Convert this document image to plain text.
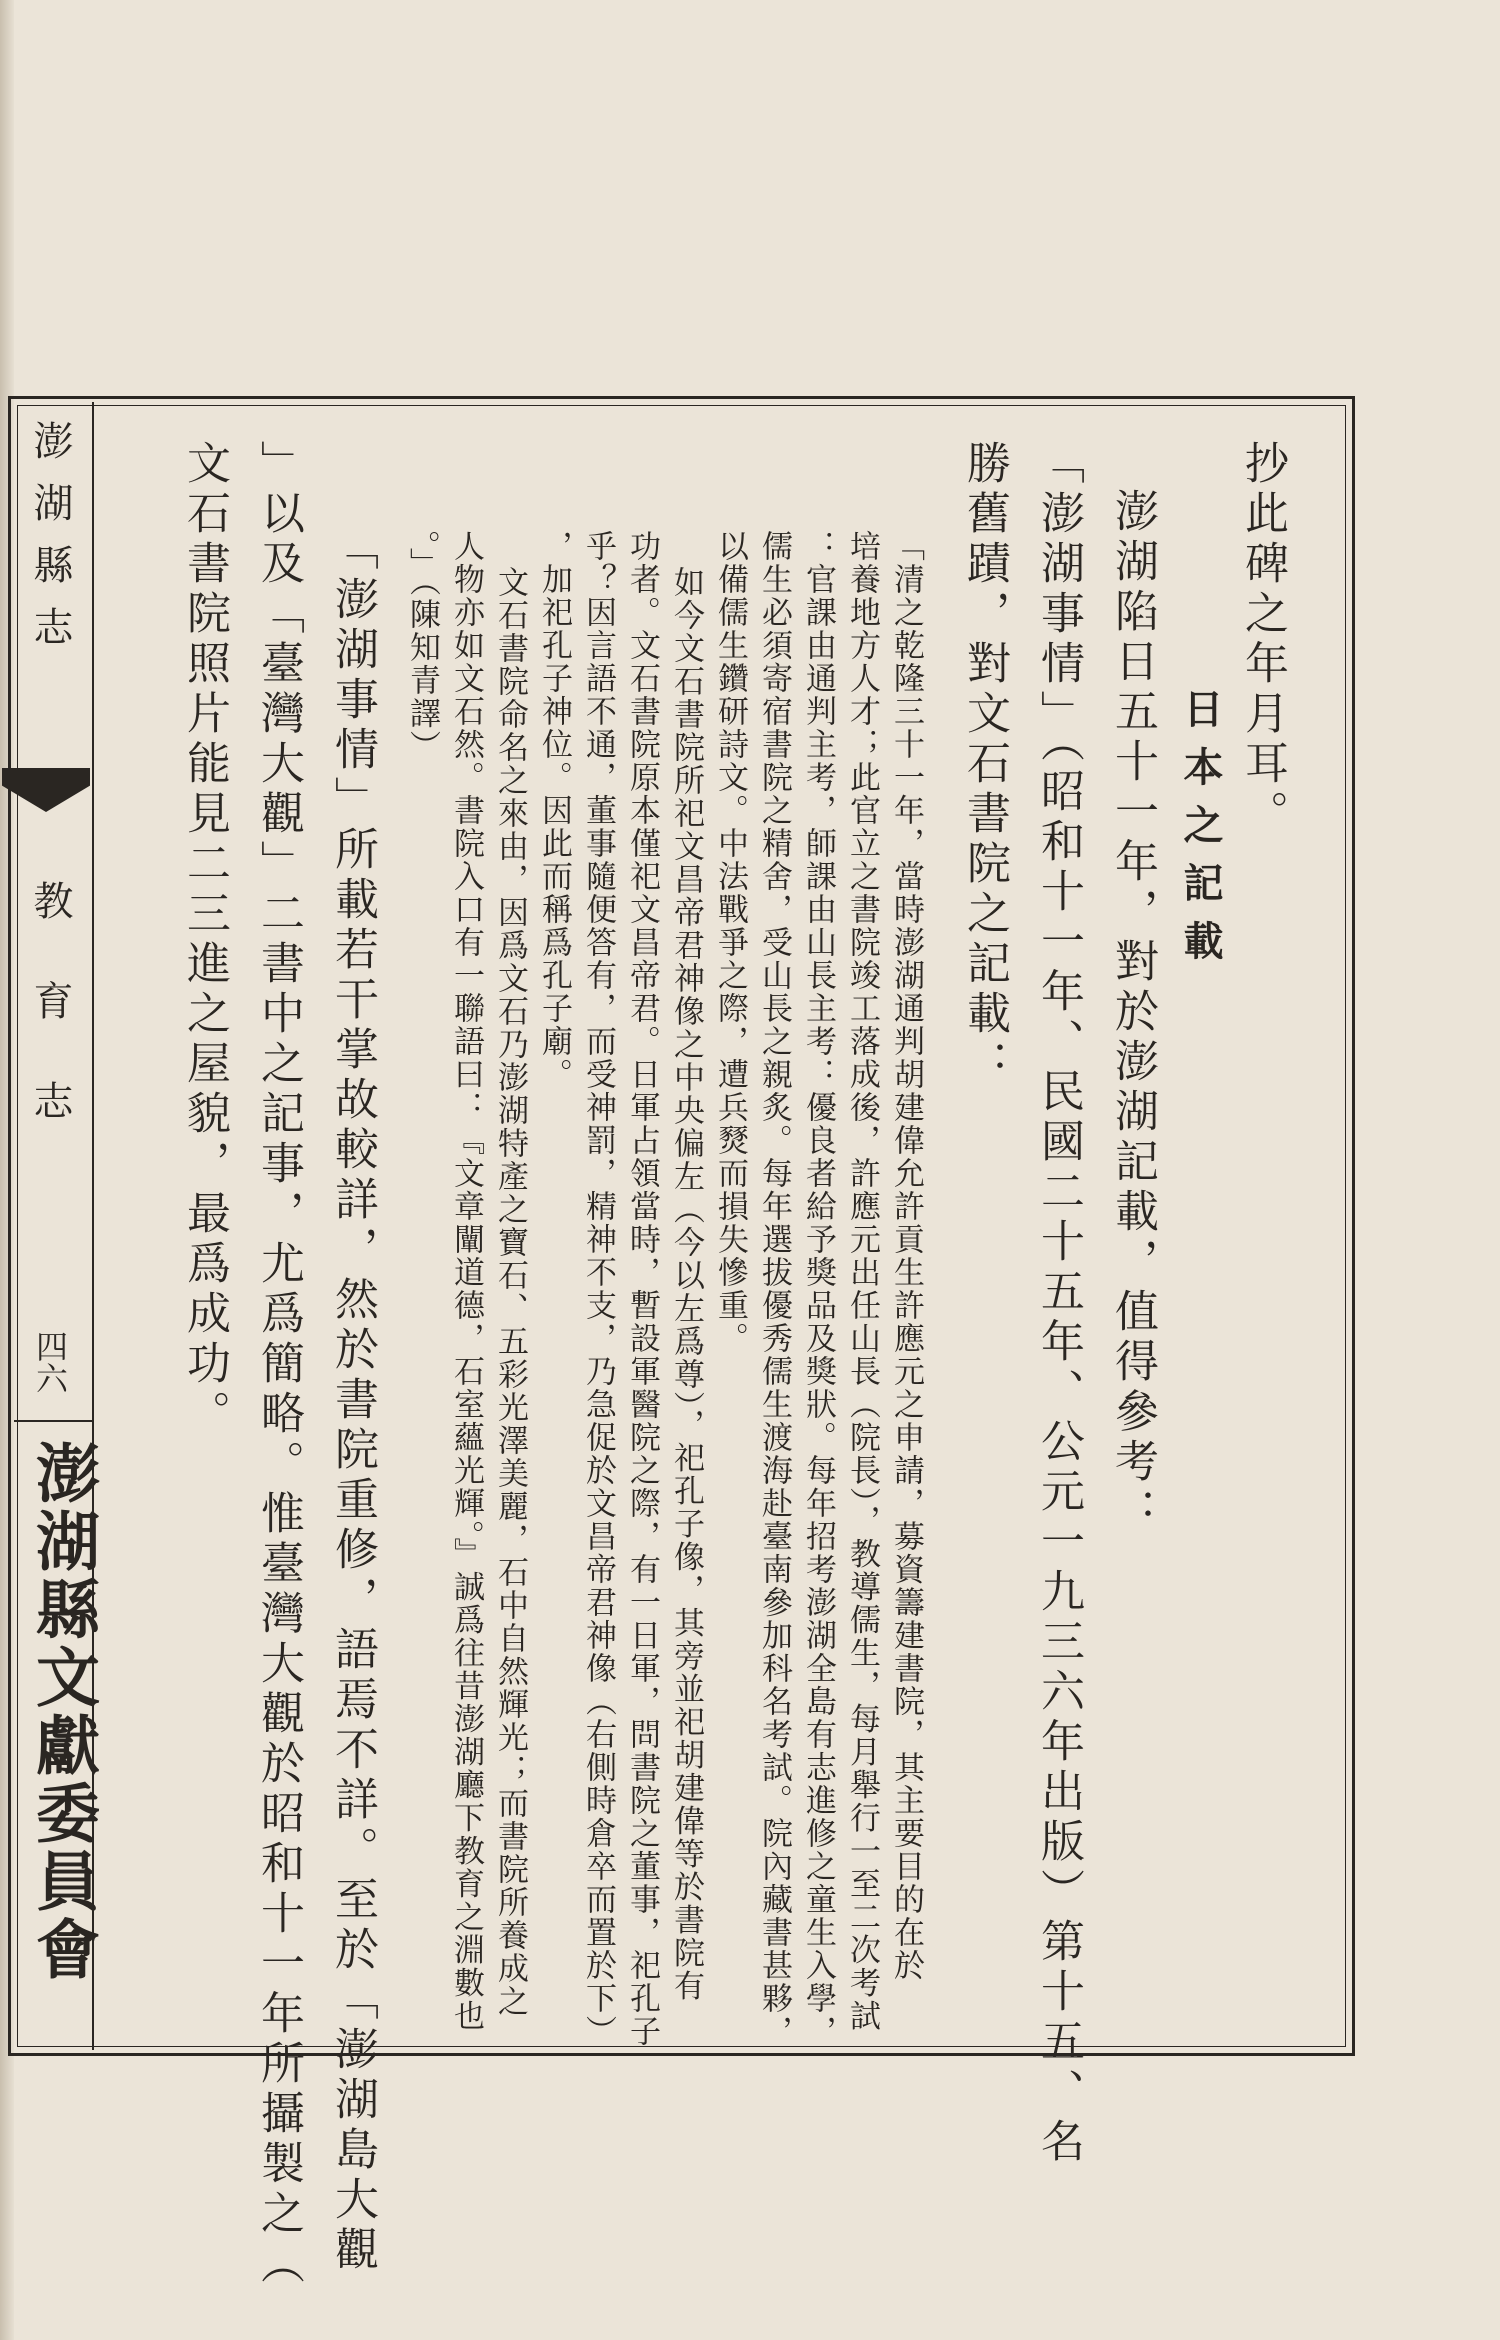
抄此碑之年月耳。
日本之記載
澎湖陷日五十一年，對於澎湖記載，值得參考：
「澎湖事情」（昭和十一年、民國二十五年、公元一九三六年出版）第十五、名
勝舊蹟，對文石書院之記載：
「清之乾隆三十一年，當時澎湖通判胡建偉允許貢生許應元之申請，募資籌建書院，其主要目的在於
培養地方人才；此官立之書院竣工落成後，許應元出任山長（院長），教導儒生，每月舉行一至二次考試
：官課由通判主考，師課由山長主考：優良者給予獎品及獎狀。每年招考澎湖全島有志進修之童生入學，
儒生必須寄宿書院之精舍，受山長之親炙。每年選拔優秀儒生渡海赴臺南參加科名考試。院內藏書甚夥，
以備儒生鑽研詩文。中法戰爭之際，遭兵燹而損失慘重。
如今文石書院所祀文昌帝君神像之中央偏左（今以左爲尊），祀孔子像，其旁並祀胡建偉等於書院有
功者。文石書院原本僅祀文昌帝君。日軍占領當時，暫設軍醫院之際，有一日軍，問書院之董事，祀孔子
乎？因言語不通，董事隨便答有，而受神罰，精神不支，乃急促於文昌帝君神像（右側時倉卒而置於下）
，加祀孔子神位。因此而稱爲孔子廟。
文石書院命名之來由，因爲文石乃澎湖特產之寶石、五彩光澤美麗，石中自然輝光；而書院所養成之
人物亦如文石然。書院入口有一聯語曰：『文章闡道德，石室蘊光輝。』誠爲往昔澎湖廳下教育之淵數也
。」（陳知青譯）
「澎湖事情」所載若干掌故較詳，然於書院重修，語焉不詳。至於「澎湖島大觀
」以及「臺灣大觀」二書中之記事，尤爲簡略。惟臺灣大觀於昭和十一年所攝製之（
文石書院照片能見二三進之屋貌，最爲成功。
澎湖縣志
教育志
四六
澎湖縣文獻委員會
